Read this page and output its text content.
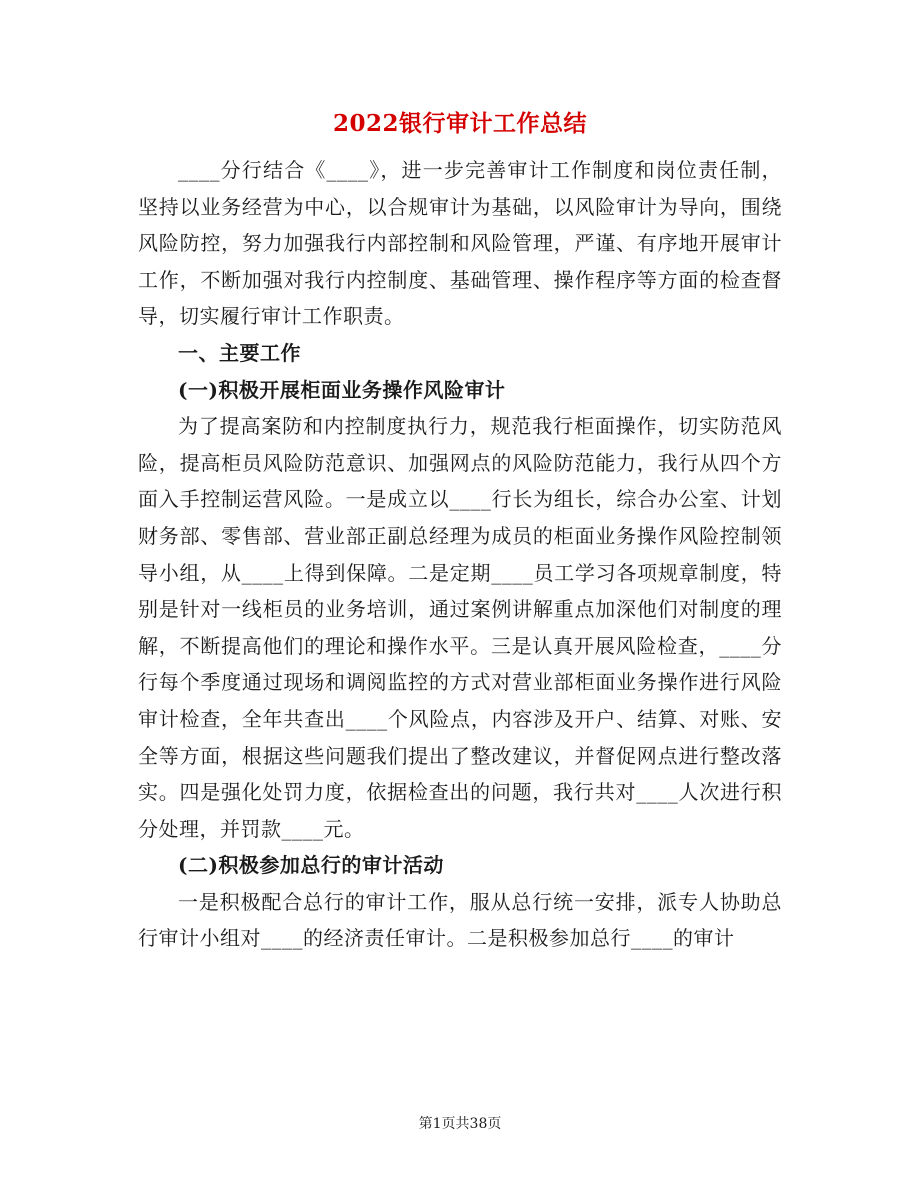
2022银行审计工作总结

____分行结合《____》，进一步完善审计工作制度和岗位责任制，坚持以业务经营为中心，以合规审计为基础，以风险审计为导向，围绕风险防控，努力加强我行内部控制和风险管理，严谨、有序地开展审计工作，不断加强对我行内控制度、基础管理、操作程序等方面的检查督导，切实履行审计工作职责。

一、主要工作

(一)积极开展柜面业务操作风险审计

为了提高案防和内控制度执行力，规范我行柜面操作，切实防范风险，提高柜员风险防范意识、加强网点的风险防范能力，我行从四个方面入手控制运营风险。一是成立以____行长为组长，综合办公室、计划财务部、零售部、营业部正副总经理为成员的柜面业务操作风险控制领导小组，从____上得到保障。二是定期____员工学习各项规章制度，特别是针对一线柜员的业务培训，通过案例讲解重点加深他们对制度的理解，不断提高他们的理论和操作水平。三是认真开展风险检查，____分行每个季度通过现场和调阅监控的方式对营业部柜面业务操作进行风险审计检查，全年共查出____个风险点，内容涉及开户、结算、对账、安全等方面，根据这些问题我们提出了整改建议，并督促网点进行整改落实。四是强化处罚力度，依据检查出的问题，我行共对____人次进行积分处理，并罚款____元。

(二)积极参加总行的审计活动

一是积极配合总行的审计工作，服从总行统一安排，派专人协助总行审计小组对____的经济责任审计。二是积极参加总行____的审计

第1页共38页
